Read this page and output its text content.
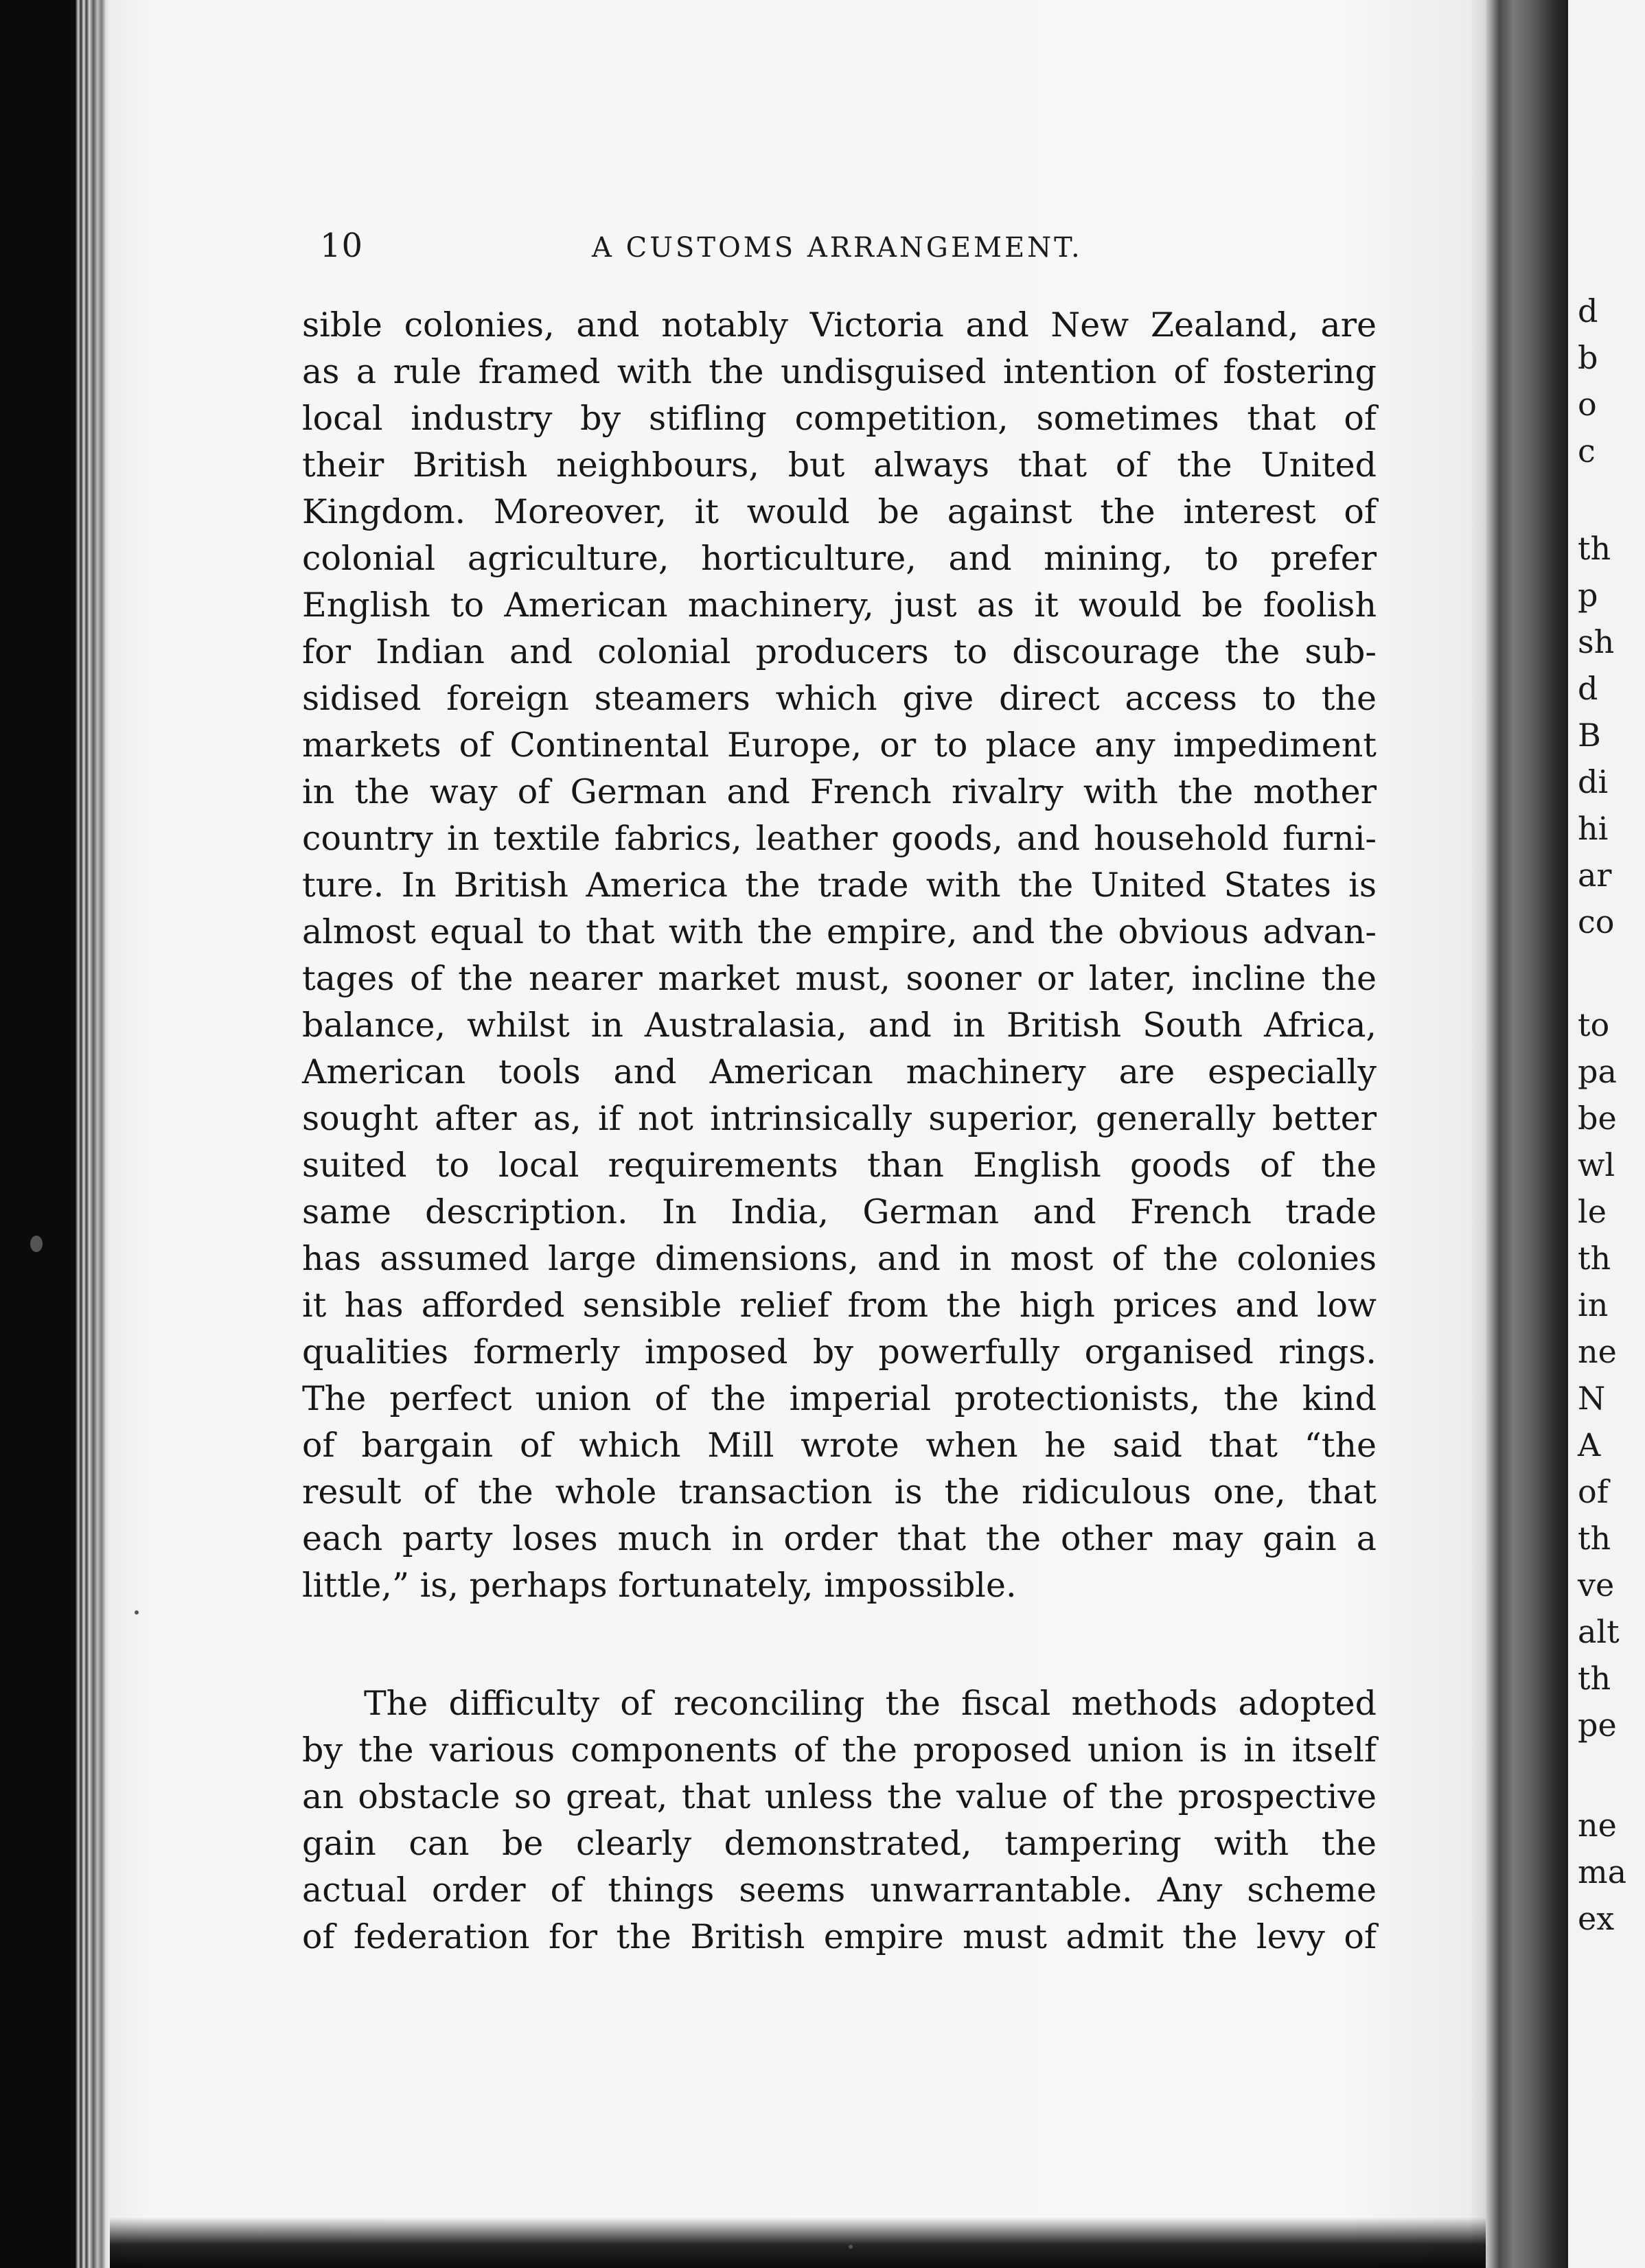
10	A CUSTOMS ARRANGEMENT.
sible colonies, and notably Victoria and New Zealand, are
as a rule framed with the undisguised intention of fostering
local industry by stifling competition, sometimes that of
their British neighbours, but always that of the United
Kingdom. Moreover, it would be against the interest of
colonial agriculture, horticulture, and mining, to prefer
English to American machinery, just as it would be foolish
for Indian and colonial producers to discourage the sub-
sidised foreign steamers which give direct access to the
markets of Continental Europe, or to place any impediment
in the way of German and French rivalry with the mother
country in textile fabrics, leather goods, and household furni-
ture. In British America the trade with the United States is
almost equal to that with the empire, and the obvious advan-
tages of the nearer market must, sooner or later, incline the
balance, whilst in Australasia, and in British South Africa,
American tools and American machinery are especially
sought after as, if not intrinsically superior, generally better
suited to local requirements than English goods of the
same description. In India, German and French trade
has assumed large dimensions, and in most of the colonies
it has afforded sensible relief from the high prices and low
qualities formerly imposed by powerfully organised rings.
The perfect union of the imperial protectionists, the kind
of bargain of which Mill wrote when he said that “the
result of the whole transaction is the ridiculous one, that
each party loses much in order that the other may gain a
little,” is, perhaps fortunately, impossible.
The difficulty of reconciling the fiscal methods adopted
by the various components of the proposed union is in itself
an obstacle so great, that unless the value of the prospective
gain can be clearly demonstrated, tampering with the
actual order of things seems unwarrantable. Any scheme
of federation for the British empire must admit the levy of
d
b
o
c
th
p
sh
d
B
di
hi
ar
co
to
pa
be
wl
le
th
in
ne
N
A
of
th
ve
alt
th
pe
ne
ma
ex
